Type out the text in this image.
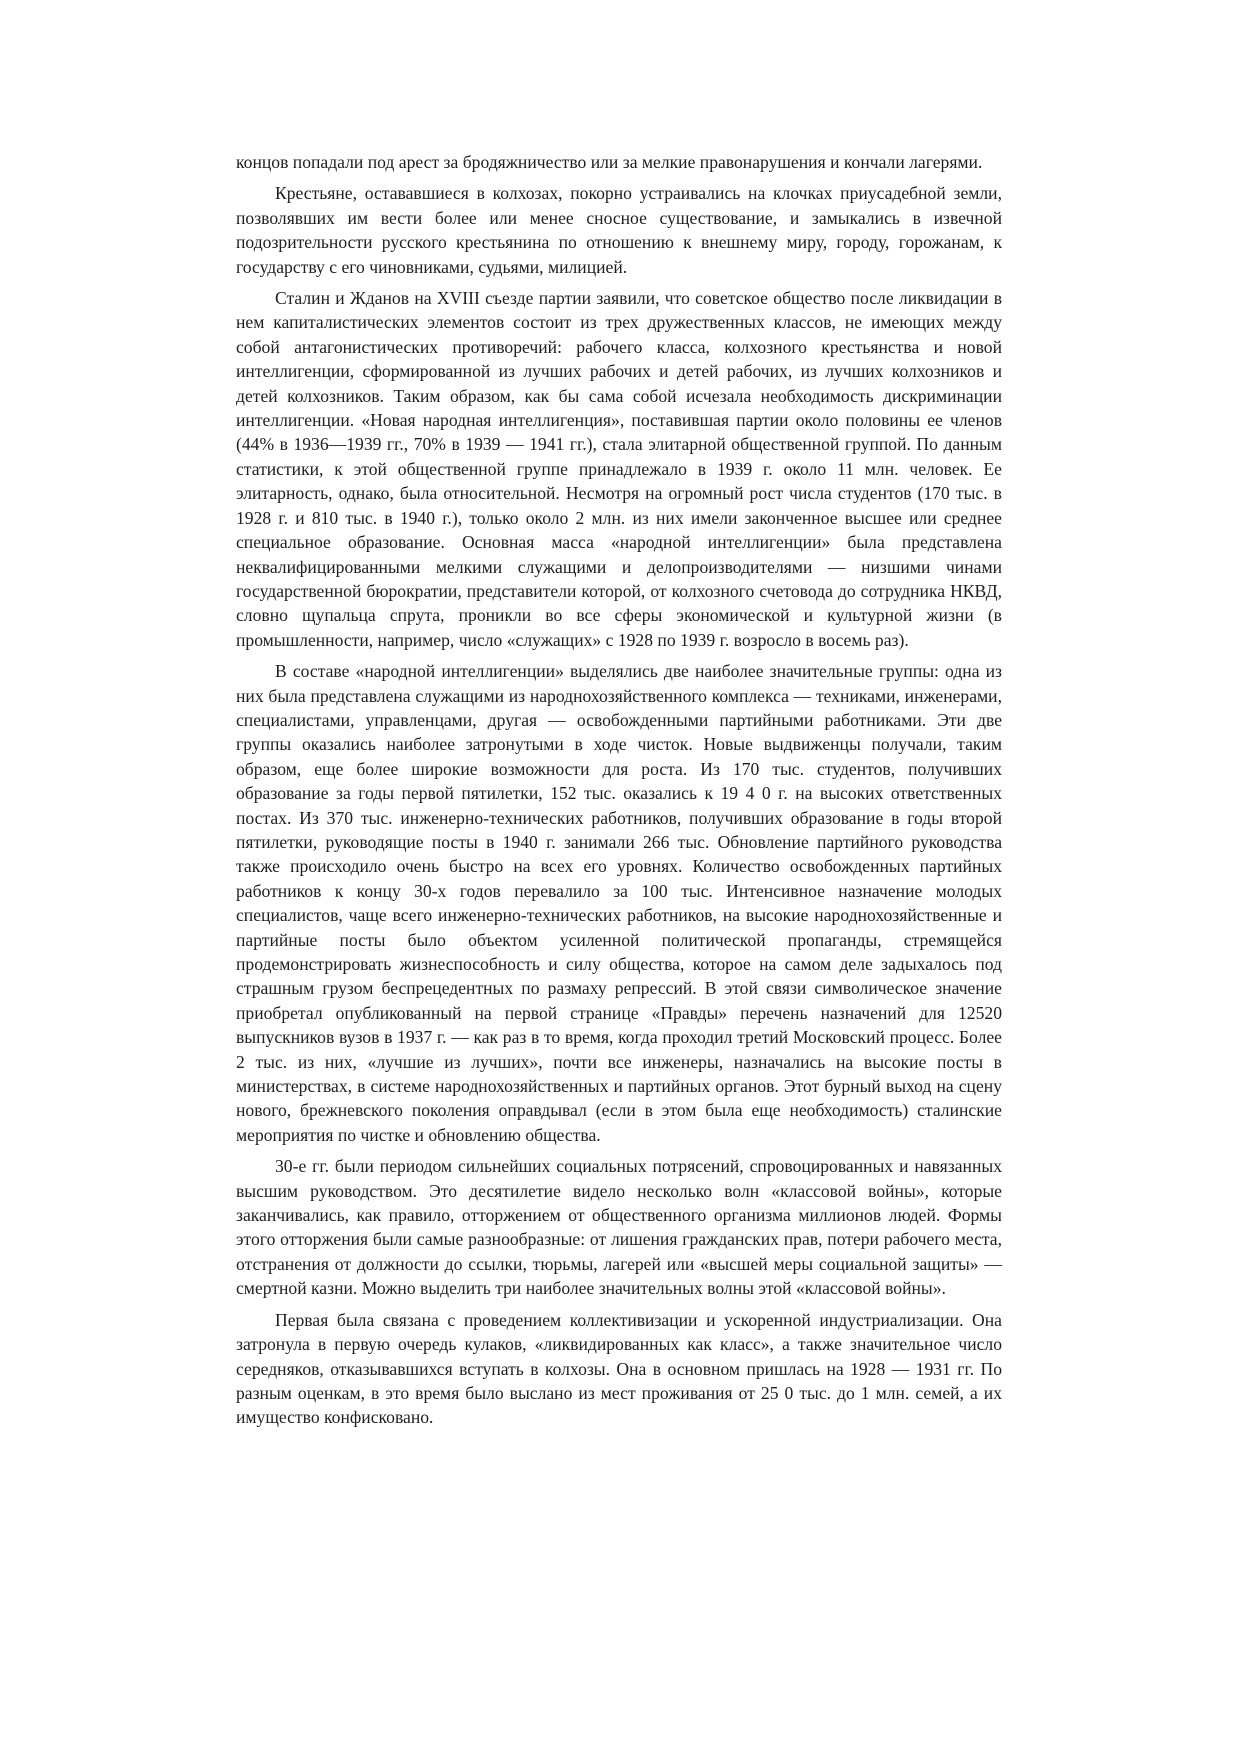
концов попадали под арест за бродяжничество или за мелкие правонарушения и кончали лагерями.

Крестьяне, остававшиеся в колхозах, покорно устраивались на клочках приусадебной земли, позволявших им вести более или менее сносное существование, и замыкались в извечной подозрительности русского крестьянина по отношению к внешнему миру, городу, горожанам, к государству с его чиновниками, судьями, милицией.

Сталин и Жданов на XVIII съезде партии заявили, что советское общество после ликвидации в нем капиталистических элементов состоит из трех дружественных классов, не имеющих между собой антагонистических противоречий: рабочего класса, колхозного крестьянства и новой интеллигенции, сформированной из лучших рабочих и детей рабочих, из лучших колхозников и детей колхозников. Таким образом, как бы сама собой исчезала необходимость дискриминации интеллигенции. «Новая народная интеллигенция», поставившая партии около половины ее членов (44% в 1936—1939 гг., 70% в 1939 — 1941 гг.), стала элитарной общественной группой. По данным статистики, к этой общественной группе принадлежало в 1939 г. около 11 млн. человек. Ее элитарность, однако, была относительной. Несмотря на огромный рост числа студентов (170 тыс. в 1928 г. и 810 тыс. в 1940 г.), только около 2 млн. из них имели законченное высшее или среднее специальное образование. Основная масса «народной интеллигенции» была представлена неквалифицированными мелкими служащими и делопроизводителями — низшими чинами государственной бюрократии, представители которой, от колхозного счетовода до сотрудника НКВД, словно щупальца спрута, проникли во все сферы экономической и культурной жизни (в промышленности, например, число «служащих» с 1928 по 1939 г. возросло в восемь раз).

В составе «народной интеллигенции» выделялись две наиболее значительные группы: одна из них была представлена служащими из народнохозяйственного комплекса — техниками, инженерами, специалистами, управленцами, другая — освобожденными партийными работниками. Эти две группы оказались наиболее затронутыми в ходе чисток. Новые выдвиженцы получали, таким образом, еще более широкие возможности для роста. Из 170 тыс. студентов, получивших образование за годы первой пятилетки, 152 тыс. оказались к 19 4 0 г. на высоких ответственных постах. Из 370 тыс. инженерно-технических работников, получивших образование в годы второй пятилетки, руководящие посты в 1940 г. занимали 266 тыс. Обновление партийного руководства также происходило очень быстро на всех его уровнях. Количество освобожденных партийных работников к концу 30-х годов перевалило за 100 тыс. Интенсивное назначение молодых специалистов, чаще всего инженерно-технических работников, на высокие народнохозяйственные и партийные посты было объектом усиленной политической пропаганды, стремящейся продемонстрировать жизнеспособность и силу общества, которое на самом деле задыхалось под страшным грузом беспрецедентных по размаху репрессий. В этой связи символическое значение приобретал опубликованный на первой странице «Правды» перечень назначений для 12520 выпускников вузов в 1937 г. — как раз в то время, когда проходил третий Московский процесс. Более 2 тыс. из них, «лучшие из лучших», почти все инженеры, назначались на высокие посты в министерствах, в системе народнохозяйственных и партийных органов. Этот бурный выход на сцену нового, брежневского поколения оправдывал (если в этом была еще необходимость) сталинские мероприятия по чистке и обновлению общества.

30-е гг. были периодом сильнейших социальных потрясений, спровоцированных и навязанных высшим руководством. Это десятилетие видело несколько волн «классовой войны», которые заканчивались, как правило, отторжением от общественного организма миллионов людей. Формы этого отторжения были самые разнообразные: от лишения гражданских прав, потери рабочего места, отстранения от должности до ссылки, тюрьмы, лагерей или «высшей меры социальной защиты» — смертной казни. Можно выделить три наиболее значительных волны этой «классовой войны».

Первая была связана с проведением коллективизации и ускоренной индустриализации. Она затронула в первую очередь кулаков, «ликвидированных как класс», а также значительное число середняков, отказывавшихся вступать в колхозы. Она в основном пришлась на 1928 — 1931 гг. По разным оценкам, в это время было выслано из мест проживания от 25 0 тыс. до 1 млн. семей, а их имущество конфисковано.
